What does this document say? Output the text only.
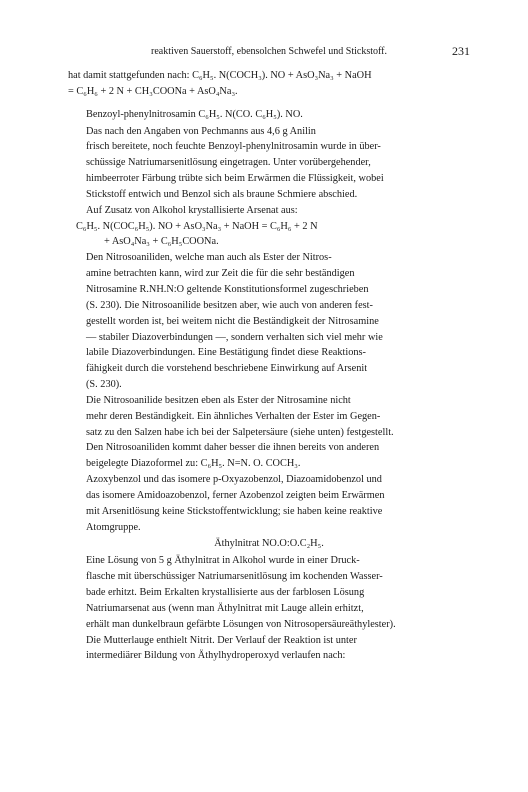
reaktiven Sauerstoff, ebensolchen Schwefel und Stickstoff.	231

hat damit stattgefunden nach: C₆H₅. N(COCH₃). NO + AsO₃Na₃ + NaOH
= C₆H₆ + 2 N + CH₃COONa + AsO₄Na₃.

Benzoyl-phenylnitrosamin C₆H₅. N(CO. C₆H₅). NO.

Das nach den Angaben von Pechmanns aus 4,6 g Anilin
frisch bereitete, noch feuchte Benzoyl-phenylnitrosamin wurde in über-
schüssige Natriumarsenitlösung eingetragen. Unter vorübergehender,
himbeerroter Färbung trübte sich beim Erwärmen die Flüssigkeit, wobei
Stickstoff entwich und Benzol sich als braune Schmiere abschied.
Auf Zusatz von Alkohol krystallisierte Arsenat aus:

C₆H₅. N(COC₆H₅). NO + AsO₃Na₃ + NaOH = C₆H₆ + 2 N
+ AsO₄Na₃ + C₆H₅COONa.

Den Nitrosoaniliden, welche man auch als Ester der Nitros-
amine betrachten kann, wird zur Zeit die für die sehr beständigen
Nitrosamine R.NH.N:O geltende Konstitutionsformel zugeschrieben
(S. 230). Die Nitrosoanilide besitzen aber, wie auch von anderen fest-
gestellt worden ist, bei weitem nicht die Beständigkeit der Nitrosamine
— stabiler Diazoverbindungen —, sondern verhalten sich viel mehr wie
labile Diazoverbindungen. Eine Bestätigung findet diese Reaktions-
fähigkeit durch die vorstehend beschriebene Einwirkung auf Arsenit
(S. 230).

Die Nitrosoanilide besitzen eben als Ester der Nitrosamine nicht
mehr deren Beständigkeit. Ein ähnliches Verhalten der Ester im Gegen-
satz zu den Salzen habe ich bei der Salpetersäure (siehe unten) festgestellt.
Den Nitrosoaniliden kommt daher besser die ihnen bereits von anderen
beigelegte Diazoformel zu: C₆H₅. N=N. O. COCH₃.

Azoxybenzol und das isomere p-Oxyazobenzol, Diazoamidobenzol und
das isomere Amidoazobenzol, ferner Azobenzol zeigten beim Erwärmen
mit Arsenitlösung keine Stickstoffentwicklung; sie haben keine reaktive
Atomgruppe.

Äthylnitrat NO.O:O.C₂H₅.

Eine Lösung von 5 g Äthylnitrat in Alkohol wurde in einer Druck-
flasche mit überschüssiger Natriumarsenitlösung im kochenden Wasser-
bade erhitzt. Beim Erkalten krystallisierte aus der farblosen Lösung
Natriumarsenat aus (wenn man Äthylnitrat mit Lauge allein erhitzt,
erhält man dunkelbraun gefärbte Lösungen von Nitrosopersäureäthylester).
Die Mutterlauge enthielt Nitrit. Der Verlauf der Reaktion ist unter
intermediärer Bildung von Äthylhydroperoxyd verlaufen nach:
